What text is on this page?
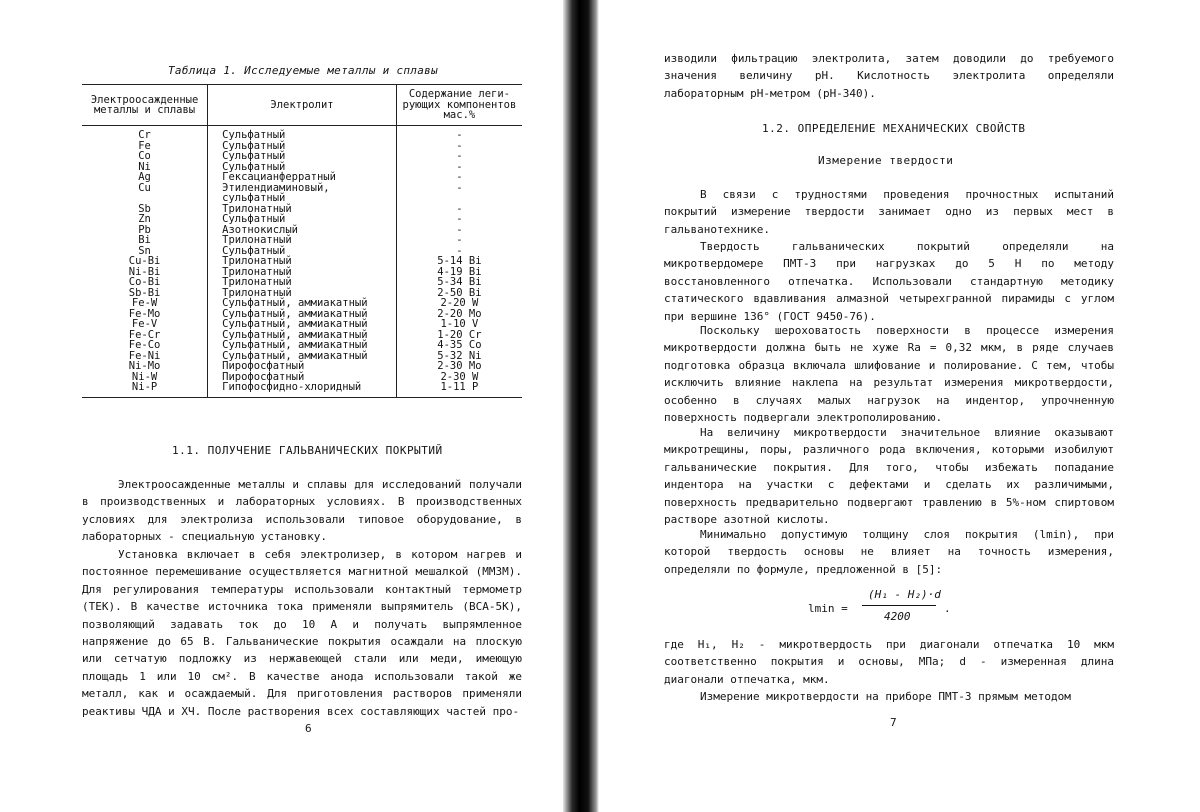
Таблица 1. Исследуемые металлы и сплавы
Электроосажденные металлы и сплавы	Электролит	Содержание леги- рующих компонентов мас.%
Cr	Сульфатный	-
Fe	Сульфатный	-
Co	Сульфатный	-
Ni	Сульфатный	-
Ag	Гексацианферратный	-
Cu	Этилендиаминовый,	-
	сульфатный	
Sb	Трилонатный	-
Zn	Сульфатный	-
Pb	Азотнокислый	-
Bi	Трилонатный	-
Sn	Сульфатный	-
Cu-Bi	Трилонатный	5-14 Bi
Ni-Bi	Трилонатный	4-19 Bi
Co-Bi	Трилонатный	5-34 Bi
Sb-Bi	Трилонатный	2-50 Bi
Fe-W	Сульфатный, аммиакатный	2-20 W
Fe-Mo	Сульфатный, аммиакатный	2-20 Mo
Fe-V	Сульфатный, аммиакатный	1-10 V
Fe-Cr	Сульфатный, аммиакатный	1-20 Cr
Fe-Co	Сульфатный, аммиакатный	4-35 Co
Fe-Ni	Сульфатный, аммиакатный	5-32 Ni
Ni-Mo	Пирофосфатный	2-30 Mo
Ni-W	Пирофосфатный	2-30 W
Ni-P	Гипофосфидно-хлоридный	1-11 P
1.1. ПОЛУЧЕНИЕ ГАЛЬВАНИЧЕСКИХ ПОКРЫТИЙ

Электроосажденные металлы и сплавы для исследований получали в производственных и лабораторных условиях. В производственных условиях для электролиза использовали типовое оборудование, в лабораторных - специальную установку.

Установка включает в себя электролизер, в котором нагрев и постоянное перемешивание осуществляется магнитной мешалкой (ММЗМ). Для регулирования температуры использовали контактный термометр (ТЕК). В качестве источника тока применяли выпрямитель (ВСА-5К), позволяющий задавать ток до 10 А и получать выпрямленное напряжение до 65 В. Гальванические покрытия осаждали на плоскую или сетчатую подложку из нержавеющей стали или меди, имеющую площадь 1 или 10 см². В качестве анода использовали такой же металл, как и осаждаемый. Для приготовления растворов применяли реактивы ЧДА и ХЧ. После растворения всех составляющих частей про-

6

изводили фильтрацию электролита, затем доводили до требуемого значения величину pH. Кислотность электролита определяли лабораторным pH-метром (pH-340).

1.2. ОПРЕДЕЛЕНИЕ МЕХАНИЧЕСКИХ СВОЙСТВ
Измерение твердости

В связи с трудностями проведения прочностных испытаний покрытий измерение твердости занимает одно из первых мест в гальванотехнике.

Твердость гальванических покрытий определяли на микротвердомере ПМТ-3 при нагрузках до 5 Н по методу восстановленного отпечатка. Использовали стандартную методику статического вдавливания алмазной четырехгранной пирамиды с углом при вершине 136° (ГОСТ 9450-76).

Поскольку шероховатость поверхности в процессе измерения микротвердости должна быть не хуже Ra = 0,32 мкм, в ряде случаев подготовка образца включала шлифование и полирование. С тем, чтобы исключить влияние наклепа на результат измерения микротвердости, особенно в случаях малых нагрузок на индентор, упрочненную поверхность подвергали электрополированию.

На величину микротвердости значительное влияние оказывают микротрещины, поры, различного рода включения, которыми изобилуют гальванические покрытия. Для того, чтобы избежать попадание индентора на участки с дефектами и сделать их различимыми, поверхность предварительно подвергают травлению в 5%-ном спиртовом растворе азотной кислоты.

Минимально допустимую толщину слоя покрытия (lmin), при которой твердость основы не влияет на точность измерения, определяли по формуле, предложенной в [5]:

где H₁, H₂ - микротвердость при диагонали отпечатка 10 мкм соответственно покрытия и основы, МПа; d - измеренная длина диагонали отпечатка, мкм.

Измерение микротвердости на приборе ПМТ-3 прямым методом

7
lmin =
(H₁ - H₂)·d
4200
.
